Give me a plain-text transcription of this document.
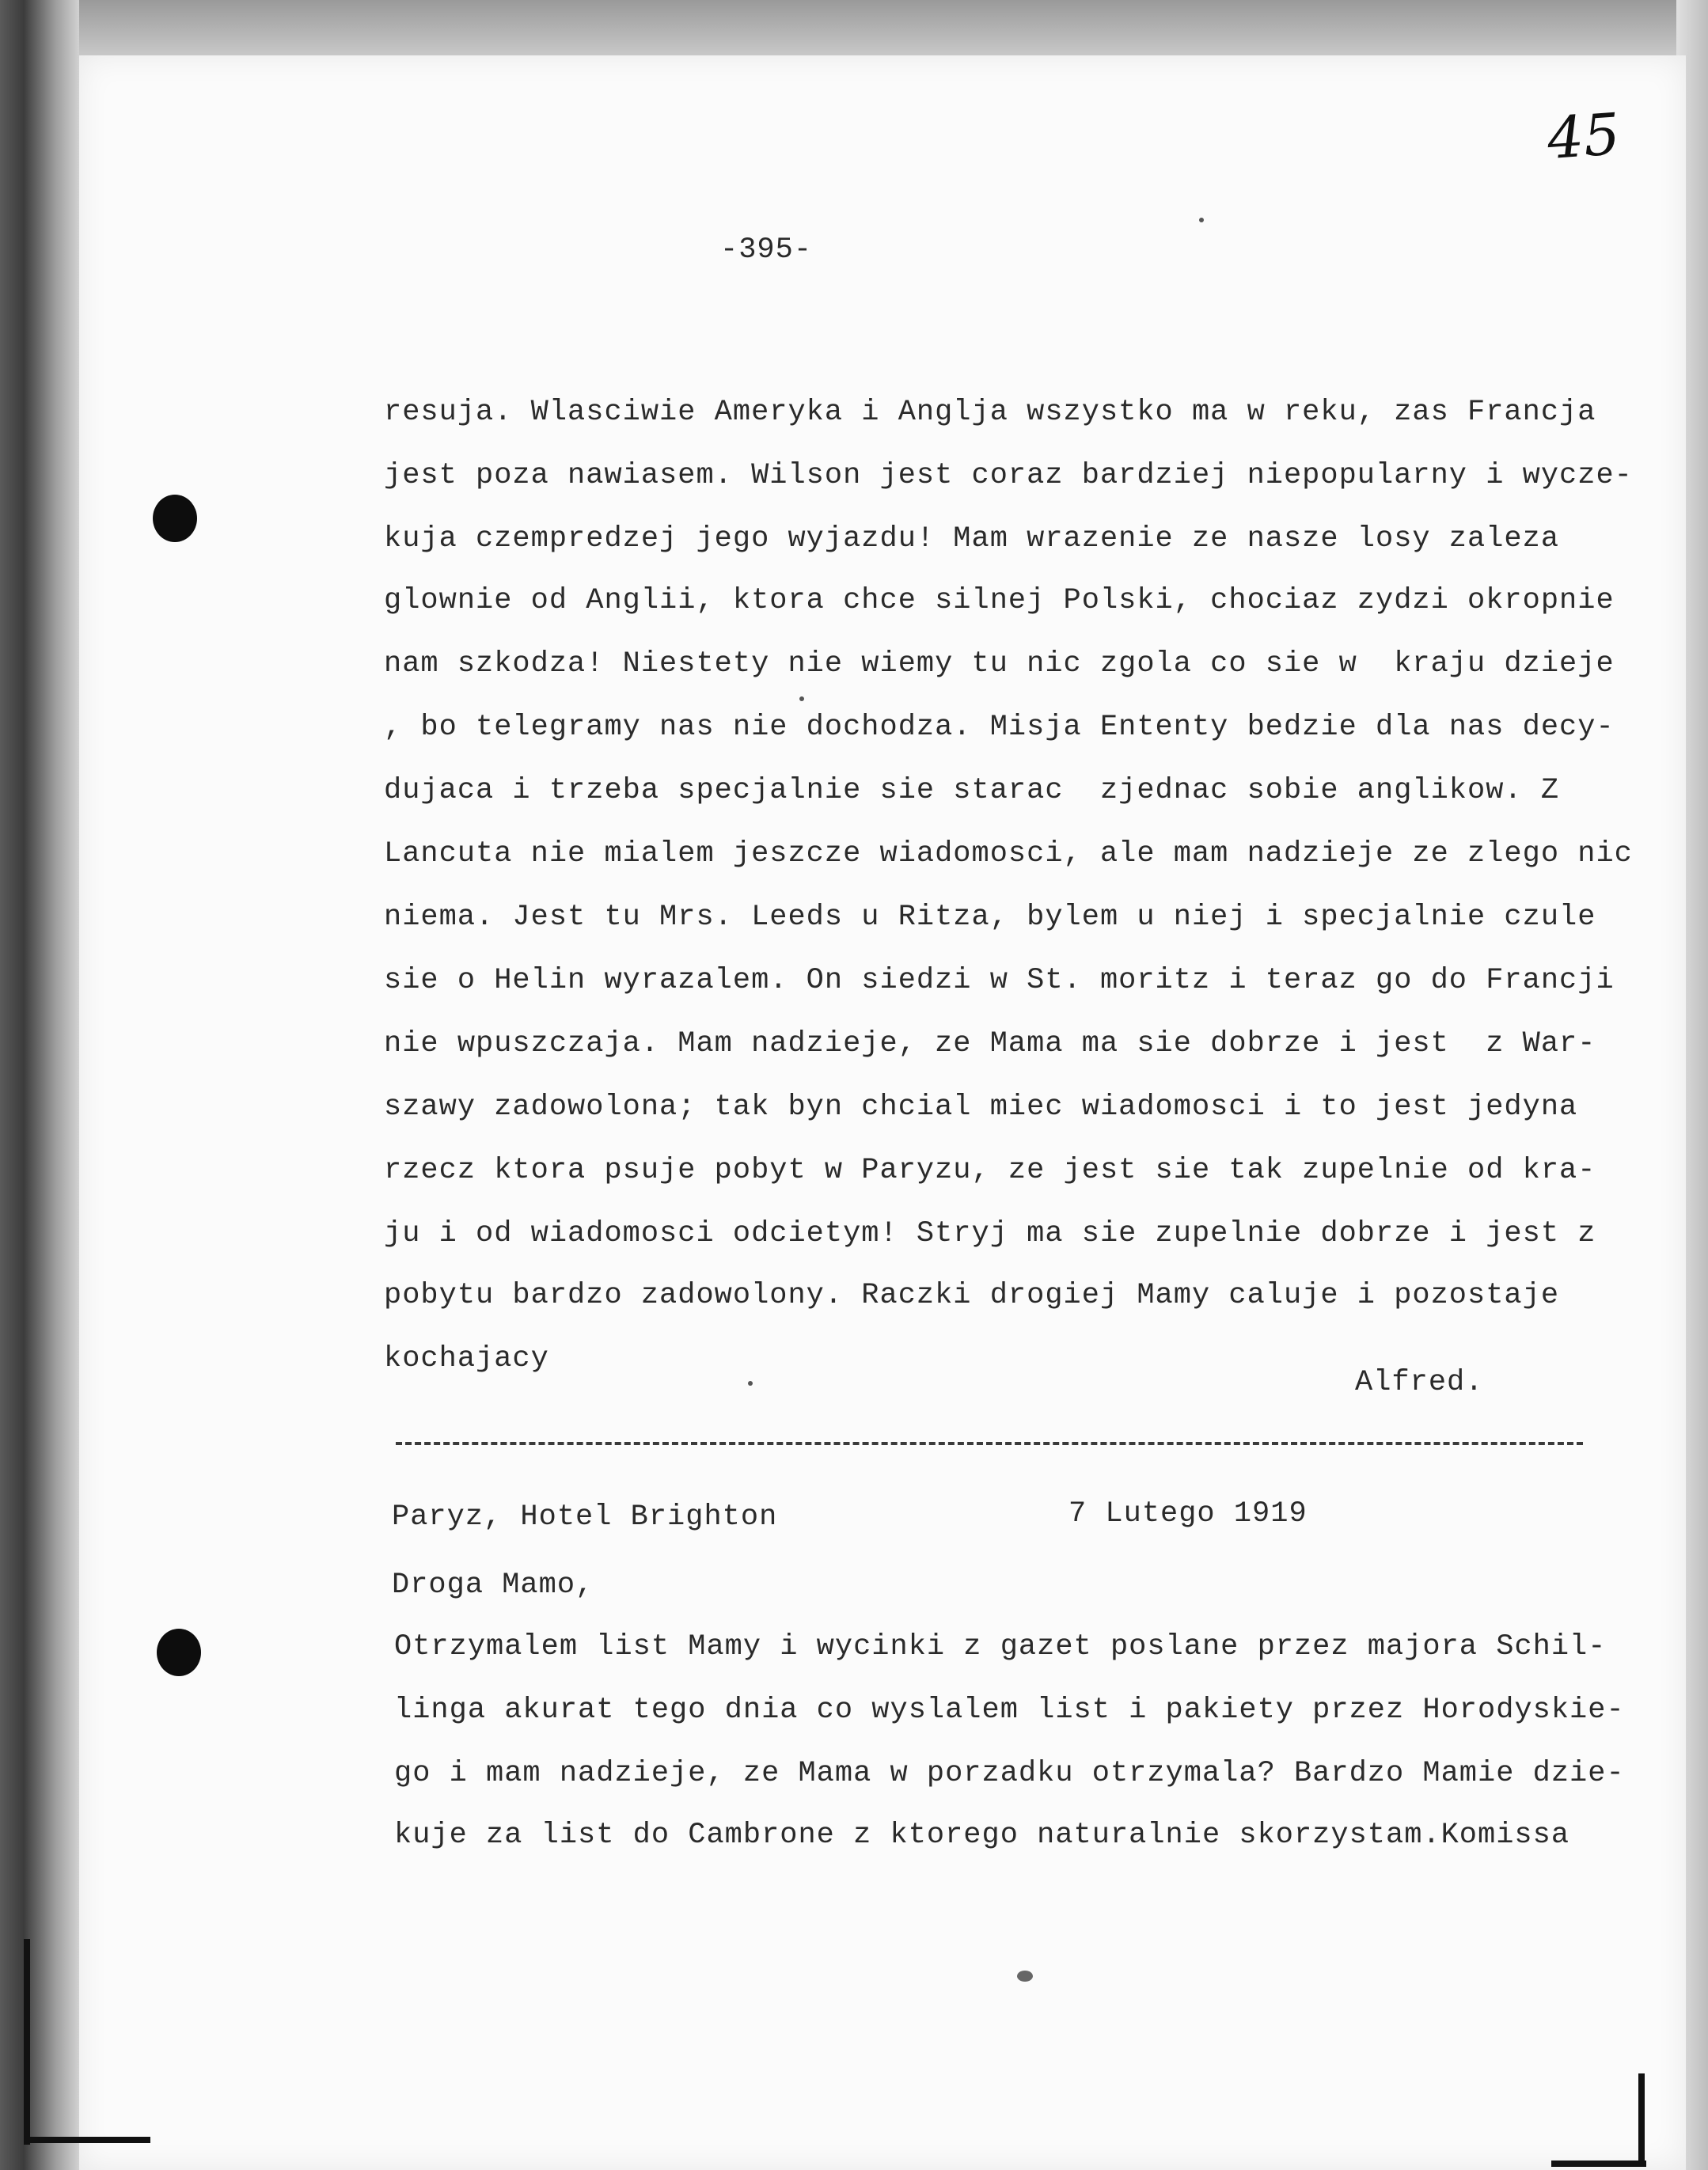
45
-395-
resuja. Wlasciwie Ameryka i Anglja wszystko ma w reku, zas Francja
jest poza nawiasem. Wilson jest coraz bardziej niepopularny i wycze-
kuja czempredzej jego wyjazdu! Mam wrazenie ze nasze losy zaleza
glownie od Anglii, ktora chce silnej Polski, chociaz zydzi okropnie
nam szkodza! Niestety nie wiemy tu nic zgola co sie w  kraju dzieje
, bo telegramy nas nie dochodza. Misja Ententy bedzie dla nas decy-
dujaca i trzeba specjalnie sie starac  zjednac sobie anglikow. Z
Lancuta nie mialem jeszcze wiadomosci, ale mam nadzieje ze zlego nic
niema. Jest tu Mrs. Leeds u Ritza, bylem u niej i specjalnie czule
sie o Helin wyrazalem. On siedzi w St. moritz i teraz go do Francji
nie wpuszczaja. Mam nadzieje, ze Mama ma sie dobrze i jest  z War-
szawy zadowolona; tak byn chcial miec wiadomosci i to jest jedyna
rzecz ktora psuje pobyt w Paryzu, ze jest sie tak zupelnie od kra-
ju i od wiadomosci odcietym! Stryj ma sie zupelnie dobrze i jest z
pobytu bardzo zadowolony. Raczki drogiej Mamy caluje i pozostaje
kochajacy
Alfred.
Paryz, Hotel Brighton	7 Lutego 1919
Droga Mamo,
Otrzymalem list Mamy i wycinki z gazet poslane przez majora Schil-
linga akurat tego dnia co wyslalem list i pakiety przez Horodyskie-
go i mam nadzieje, ze Mama w porzadku otrzymala? Bardzo Mamie dzie-
kuje za list do Cambrone z ktorego naturalnie skorzystam.Komissa
